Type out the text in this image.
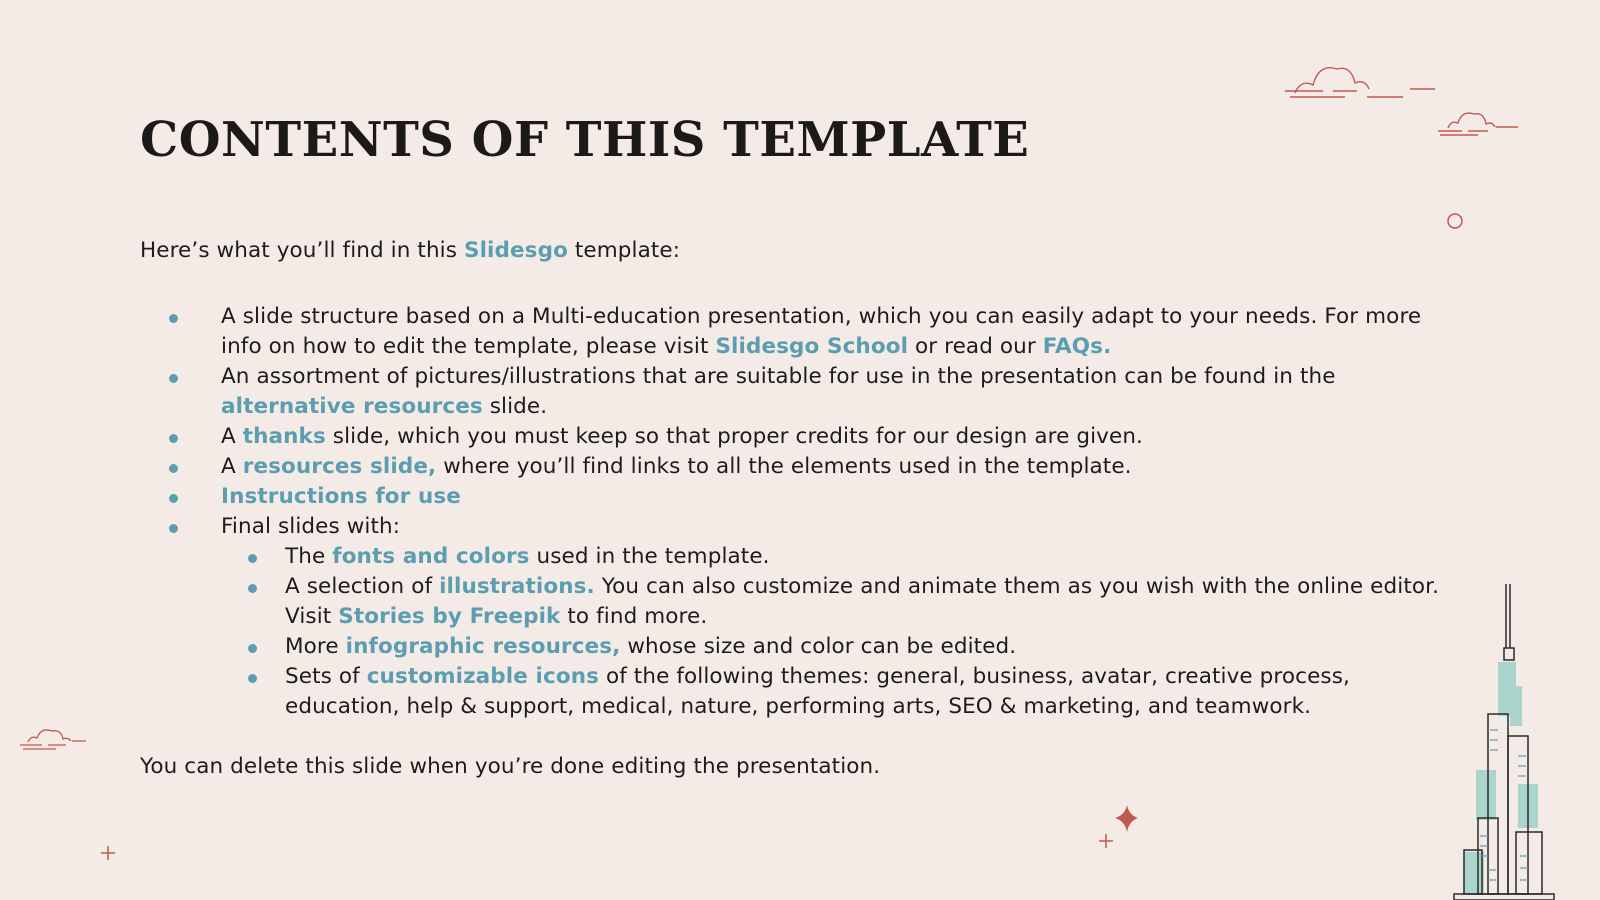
CONTENTS OF THIS TEMPLATE

Here’s what you’ll find in this Slidesgo template:

A slide structure based on a Multi-education presentation, which you can easily adapt to your needs. For more info on how to edit the template, please visit Slidesgo School or read our FAQs.
An assortment of pictures/illustrations that are suitable for use in the presentation can be found in the alternative resources slide.
A thanks slide, which you must keep so that proper credits for our design are given.
A resources slide, where you’ll find links to all the elements used in the template.
Instructions for use
Final slides with:
The fonts and colors used in the template.
A selection of illustrations. You can also customize and animate them as you wish with the online editor. Visit Stories by Freepik to find more.
More infographic resources, whose size and color can be edited.
Sets of customizable icons of the following themes: general, business, avatar, creative process, education, help & support, medical, nature, performing arts, SEO & marketing, and teamwork.

You can delete this slide when you’re done editing the presentation.
